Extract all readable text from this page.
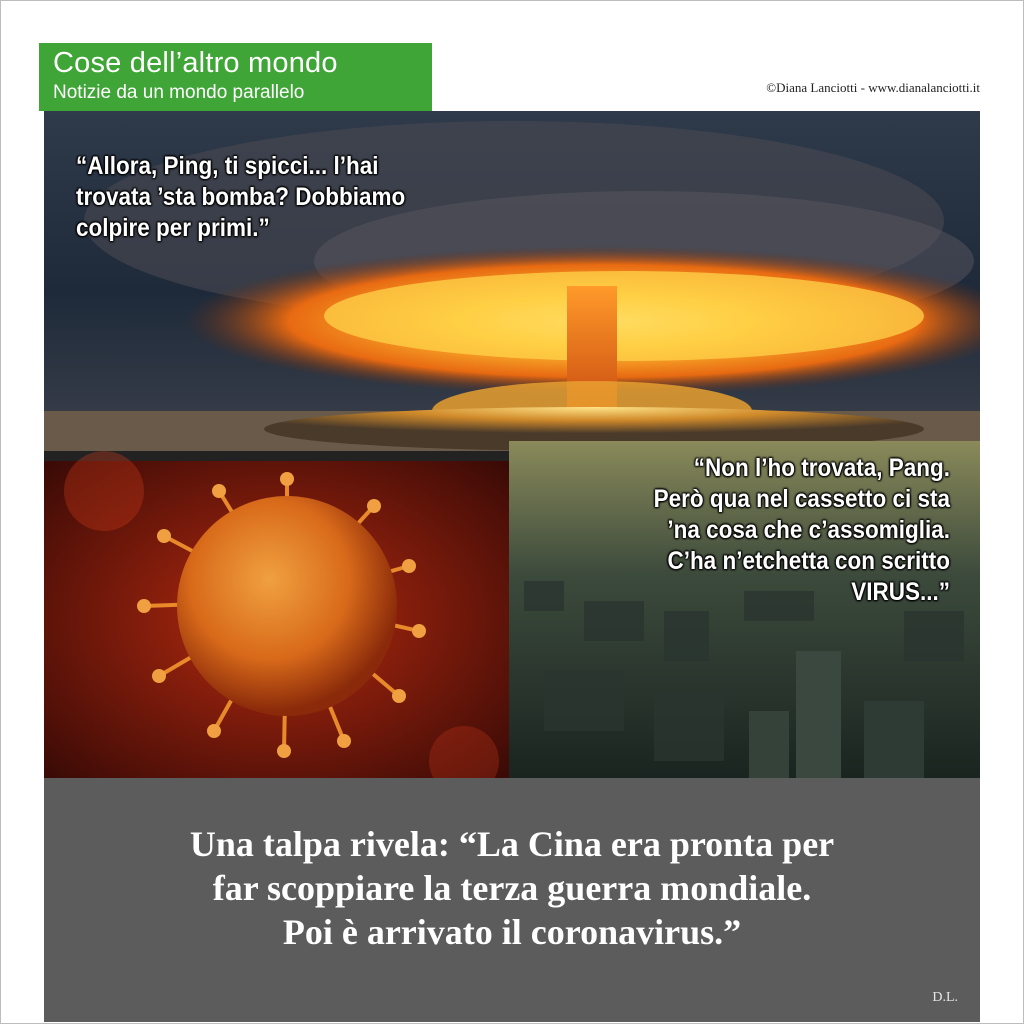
Cose dell’altro mondo
Notizie da un mondo parallelo	©Diana Lanciotti - www.dianalanciotti.it
“Allora, Ping, ti spicci... l’hai
trovata ’sta bomba? Dobbiamo
colpire per primi.”
“Non l’ho trovata, Pang.
Però qua nel cassetto ci sta
’na cosa che c’assomiglia.
C’ha n’etchetta con scritto
VIRUS...”
Una talpa rivela: “La Cina era pronta per
far scoppiare la terza guerra mondiale.
Poi è arrivato il coronavirus.”
D.L.
